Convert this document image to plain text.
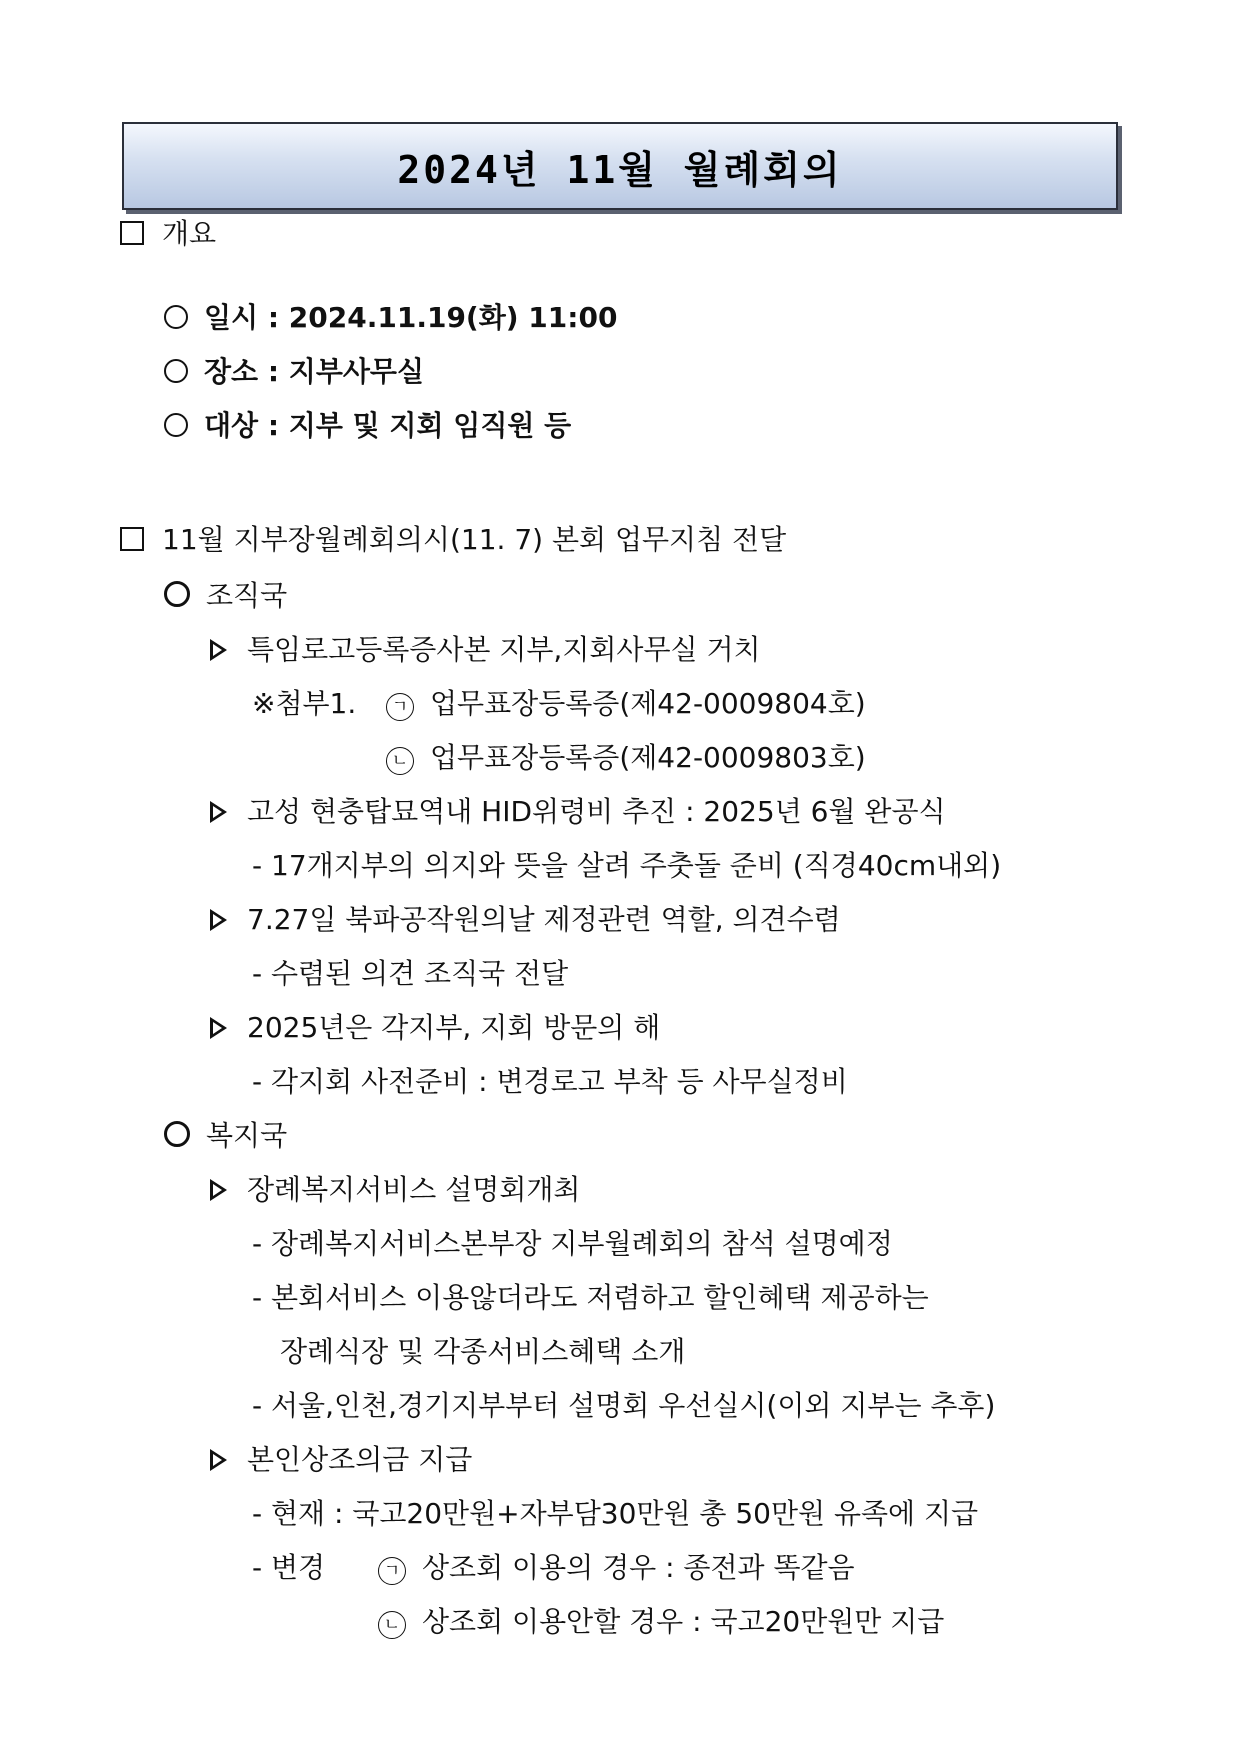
2024년 11월 월례회의
개요
일시 : 2024.11.19(화) 11:00
장소 : 지부사무실
대상 : 지부 및 지회 임직원 등
11월 지부장월례회의시(11. 7) 본회 업무지침 전달
조직국
특임로고등록증사본 지부,지회사무실 거치
※첨부1. ㄱ 업무표장등록증(제42-0009804호)
ㄴ 업무표장등록증(제42-0009803호)
고성 현충탑묘역내 HID위령비 추진 : 2025년 6월 완공식
- 17개지부의 의지와 뜻을 살려 주춧돌 준비 (직경40cm내외)
7.27일 북파공작원의날 제정관련 역할, 의견수렴
- 수렴된 의견 조직국 전달
2025년은 각지부, 지회 방문의 해
- 각지회 사전준비 : 변경로고 부착 등 사무실정비
복지국
장례복지서비스 설명회개최
- 장례복지서비스본부장 지부월례회의 참석 설명예정
- 본회서비스 이용않더라도 저렴하고 할인혜택 제공하는
장례식장 및 각종서비스혜택 소개
- 서울,인천,경기지부부터 설명회 우선실시(이외 지부는 추후)
본인상조의금 지급
- 현재 : 국고20만원+자부담30만원 총 50만원 유족에 지급
- 변경	ㄱ 상조회 이용의 경우 : 종전과 똑같음
ㄴ 상조회 이용안할 경우 : 국고20만원만 지급
